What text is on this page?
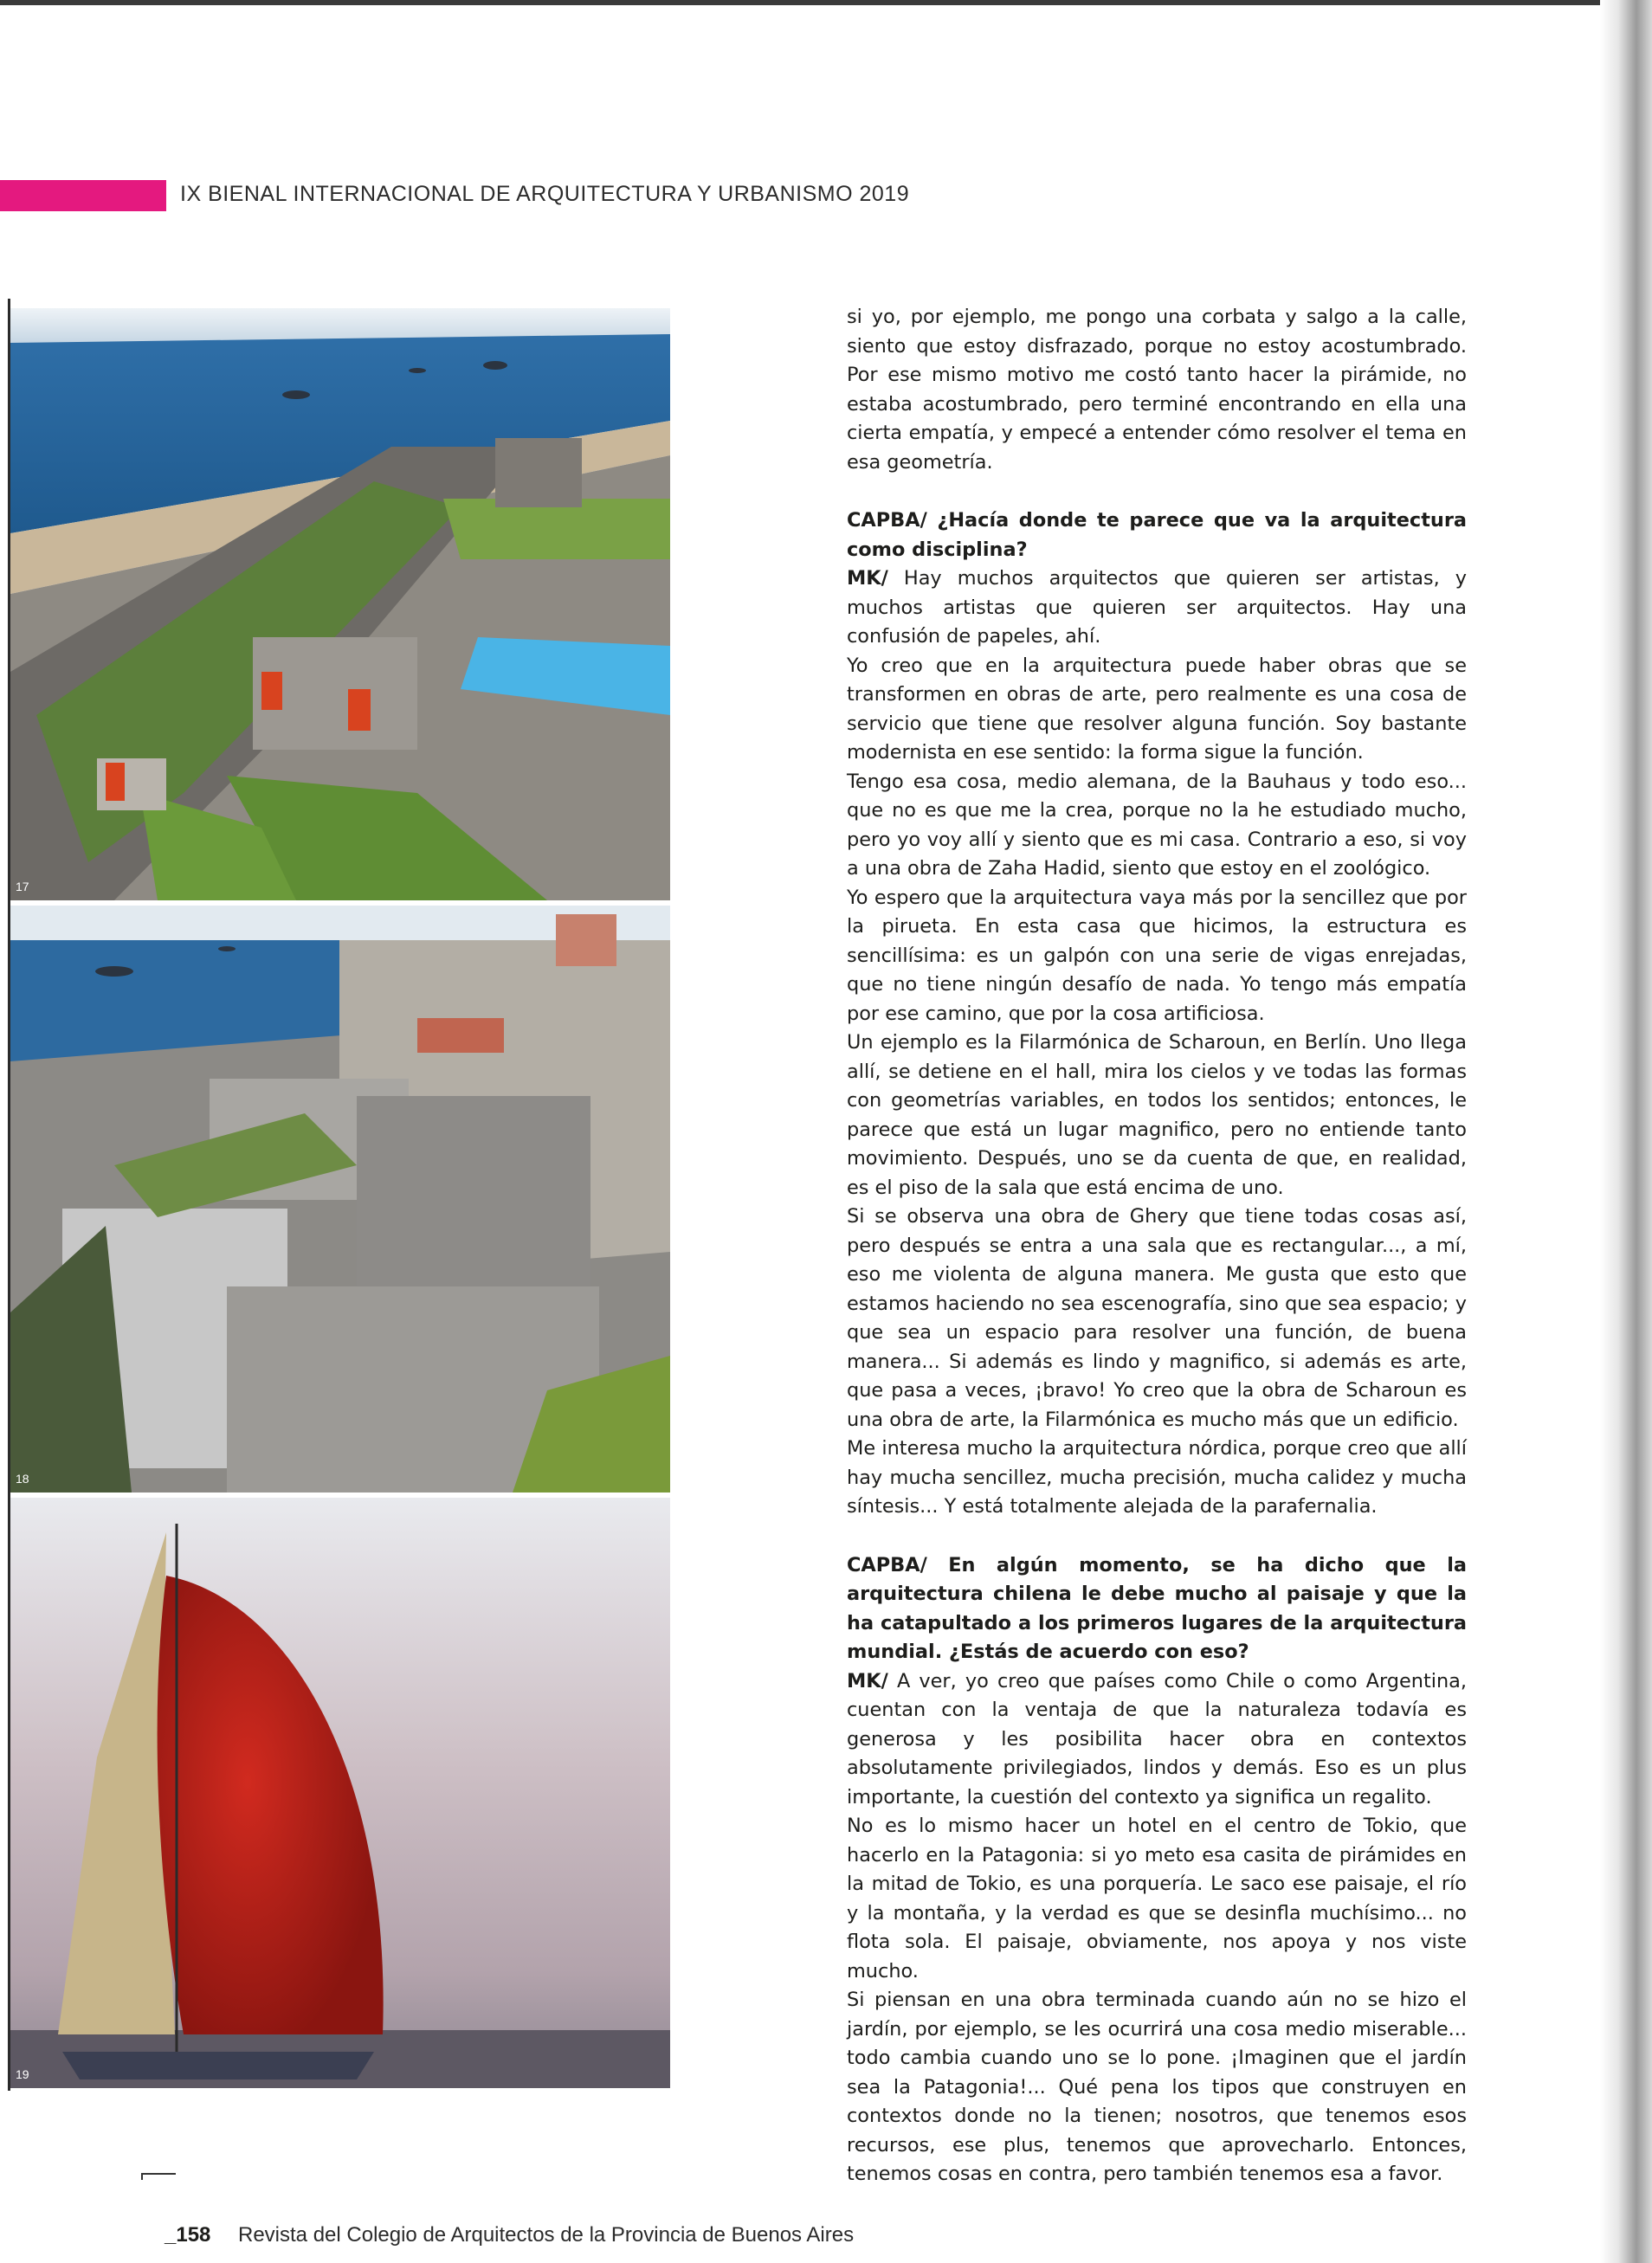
IX BIENAL INTERNACIONAL DE ARQUITECTURA Y URBANISMO 2019
17
18
19

si yo, por ejemplo, me pongo una corbata y salgo a la calle, siento que estoy disfrazado, porque no estoy acostumbrado. Por ese mismo motivo me costó tanto hacer la pirámide, no estaba acostumbrado, pero terminé encontrando en ella una cierta empatía, y empecé a entender cómo resolver el tema en esa geometría.

CAPBA/ ¿Hacía donde te parece que va la arquitectura como disciplina?

MK/ Hay muchos arquitectos que quieren ser artistas, y muchos artistas que quieren ser arquitectos. Hay una confusión de papeles, ahí.

Yo creo que en la arquitectura puede haber obras que se transformen en obras de arte, pero realmente es una cosa de servicio que tiene que resolver alguna función. Soy bastante modernista en ese sentido: la forma sigue la función.

Tengo esa cosa, medio alemana, de la Bauhaus y todo eso... que no es que me la crea, porque no la he estudiado mucho, pero yo voy allí y siento que es mi casa. Contrario a eso, si voy a una obra de Zaha Hadid, siento que estoy en el zoológico.

Yo espero que la arquitectura vaya más por la sencillez que por la pirueta. En esta casa que hicimos, la estructura es sencillísima: es un galpón con una serie de vigas enrejadas, que no tiene ningún desafío de nada. Yo tengo más empatía por ese camino, que por la cosa artificiosa.

Un ejemplo es la Filarmónica de Scharoun, en Berlín. Uno llega allí, se detiene en el hall, mira los cielos y ve todas las formas con geometrías variables, en todos los sentidos; entonces, le parece que está un lugar magnifico, pero no entiende tanto movimiento. Después, uno se da cuenta de que, en realidad, es el piso de la sala que está encima de uno.

Si se observa una obra de Ghery que tiene todas cosas así, pero después se entra a una sala que es rectangular..., a mí, eso me violenta de alguna manera. Me gusta que esto que estamos haciendo no sea escenografía, sino que sea espacio; y que sea un espacio para resolver una función, de buena manera... Si además es lindo y magnifico, si además es arte, que pasa a veces, ¡bravo! Yo creo que la obra de Scharoun es una obra de arte, la Filarmónica es mucho más que un edificio.

Me interesa mucho la arquitectura nórdica, porque creo que allí hay mucha sencillez, mucha precisión, mucha calidez y mucha síntesis... Y está totalmente alejada de la parafernalia.

CAPBA/ En algún momento, se ha dicho que la arquitectura chilena le debe mucho al paisaje y que la ha catapultado a los primeros lugares de la arquitectura mundial. ¿Estás de acuerdo con eso?

MK/ A ver, yo creo que países como Chile o como Argentina, cuentan con la ventaja de que la naturaleza todavía es generosa y les posibilita hacer obra en contextos absolutamente privilegiados, lindos y demás. Eso es un plus importante, la cuestión del contexto ya significa un regalito.

No es lo mismo hacer un hotel en el centro de Tokio, que hacerlo en la Patagonia: si yo meto esa casita de pirámides en la mitad de Tokio, es una porquería. Le saco ese paisaje, el río y la montaña, y la verdad es que se desinfla muchísimo... no flota sola. El paisaje, obviamente, nos apoya y nos viste mucho.

Si piensan en una obra terminada cuando aún no se hizo el jardín, por ejemplo, se les ocurrirá una cosa medio miserable... todo cambia cuando uno se lo pone. ¡Imaginen que el jardín sea la Patagonia!... Qué pena los tipos que construyen en contextos donde no la tienen; nosotros, que tenemos esos recursos, ese plus, tenemos que aprovecharlo. Entonces, tenemos cosas en contra, pero también tenemos esa a favor.

_ 158 Revista del Colegio de Arquitectos de la Provincia de Buenos Aires
